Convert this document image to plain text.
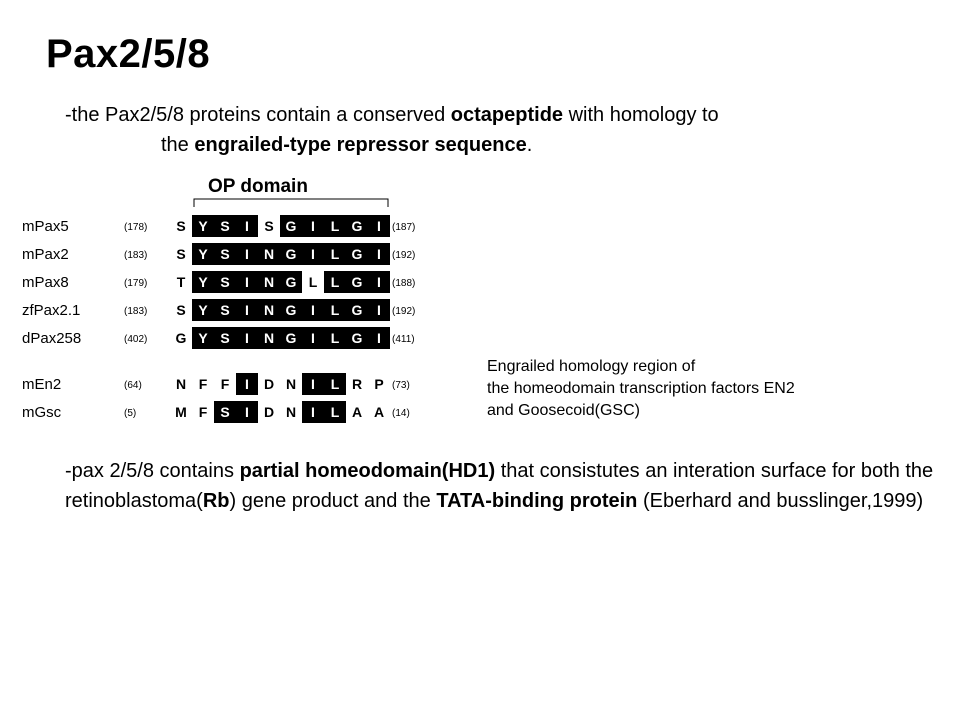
Pax2/5/8
-the Pax2/5/8 proteins contain a conserved octapeptide with homology to
the engrailed-type repressor sequence.
OP domain
mPax5	(178) S Y S I S G I L G I (187)
mPax2	(183) S Y S I N G I L G I (192)
mPax8	(179) T Y S I N G L L G I (188)
zfPax2.1	(183) S Y S I N G I L G I (192)
dPax258	(402) G Y S I N G I L G I (411)
mEn2	(64) N F F I D N I L R P (73)
mGsc	(5)	M F S I D N I L A A (14)
Engrailed homology region of
the homeodomain transcription factors EN2
and Goosecoid(GSC)
-pax 2/5/8 contains partial homeodomain(HD1) that consistutes an interation surface for both the retinoblastoma(Rb) gene product and the TATA-binding protein (Eberhard and busslinger,1999)
